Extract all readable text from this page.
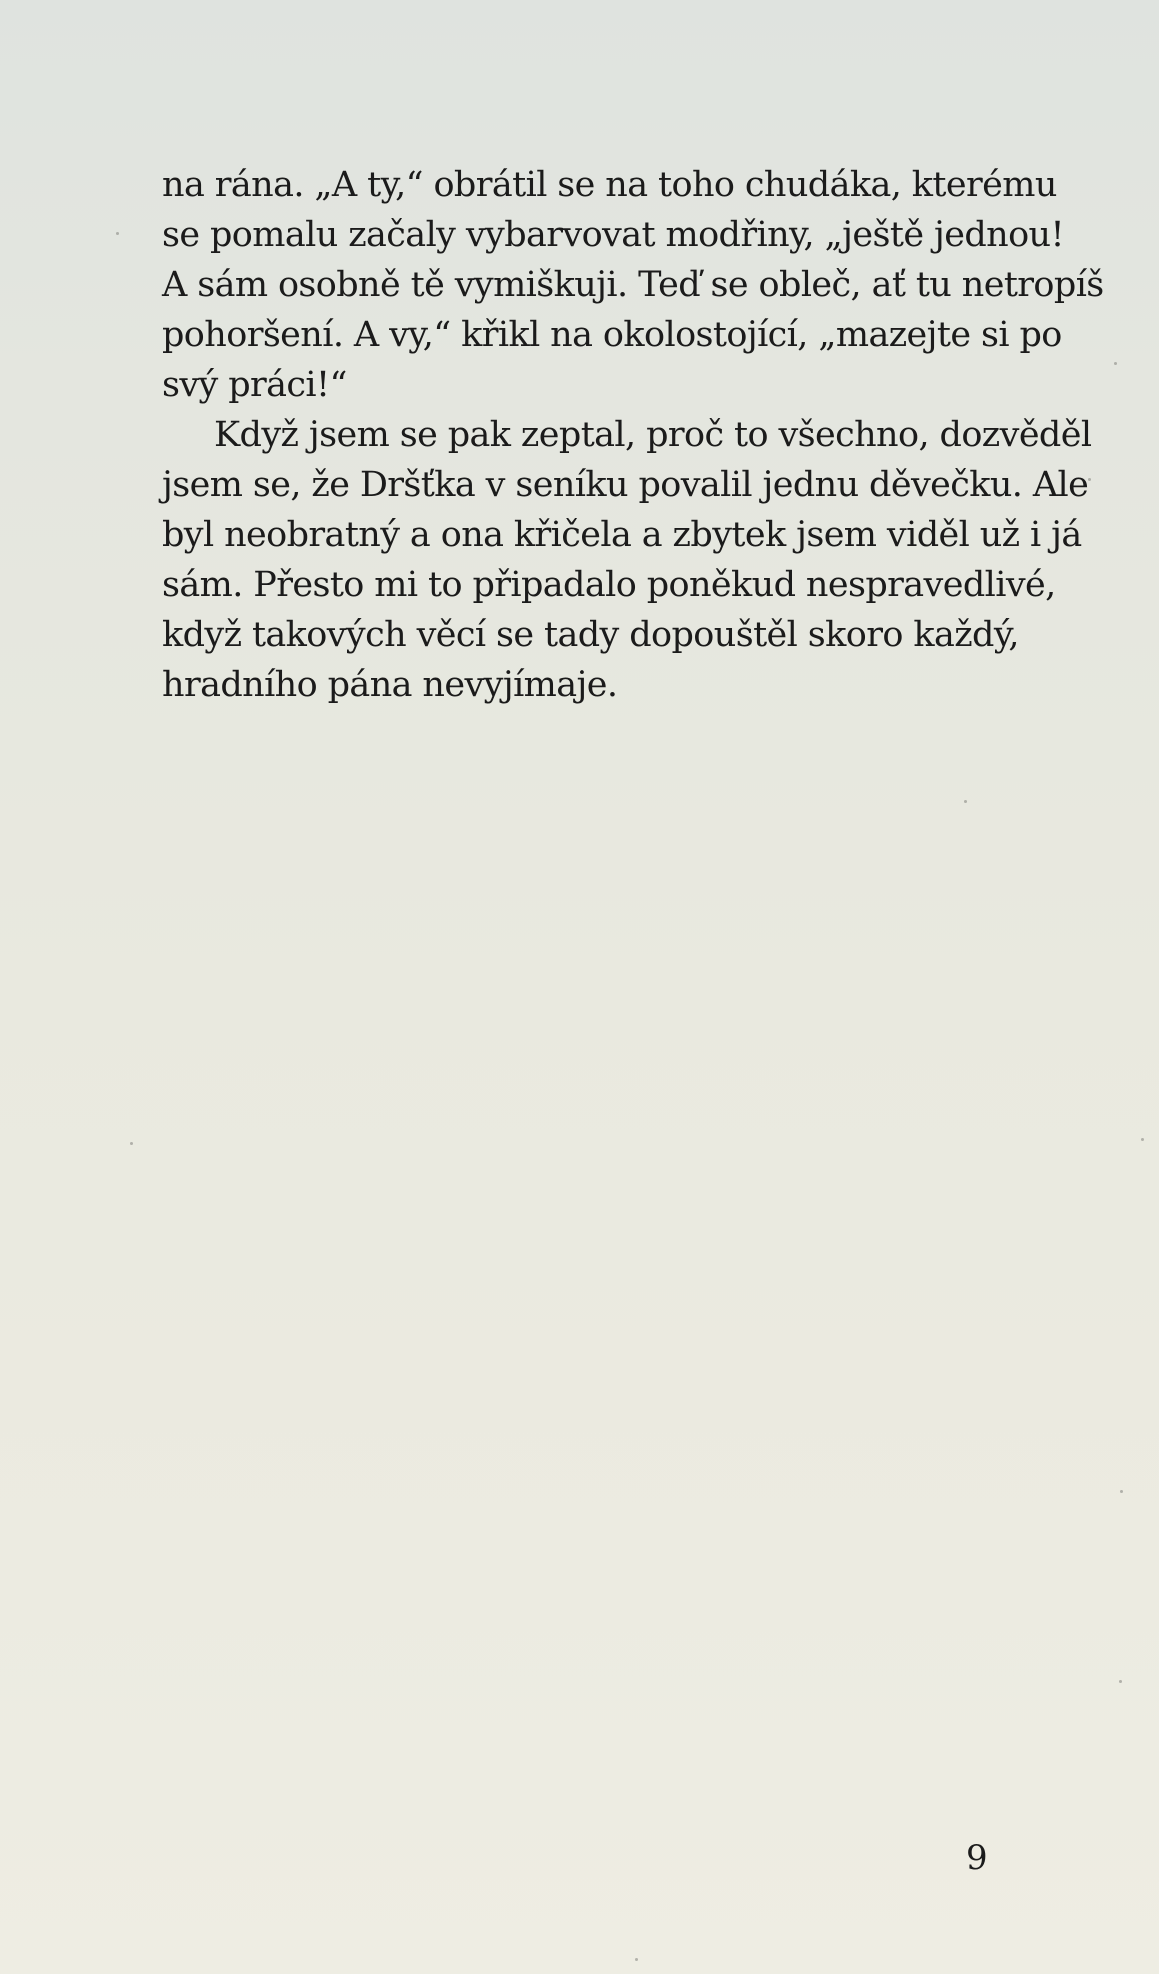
na rána. „A ty,“ obrátil se na toho chudáka, kterému
se pomalu začaly vybarvovat modřiny, „ještě jednou!
A sám osobně tě vymiškuji. Teď se obleč, ať tu netropíš
pohoršení. A vy,“ křikl na okolostojící, „mazejte si po
svý práci!“
Když jsem se pak zeptal, proč to všechno, dozvěděl
jsem se, že Dršťka v seníku povalil jednu děvečku. Ale
byl neobratný a ona křičela a zbytek jsem viděl už i já
sám. Přesto mi to připadalo poněkud nespravedlivé,
když takových věcí se tady dopouštěl skoro každý,
hradního pána nevyjímaje.
9
